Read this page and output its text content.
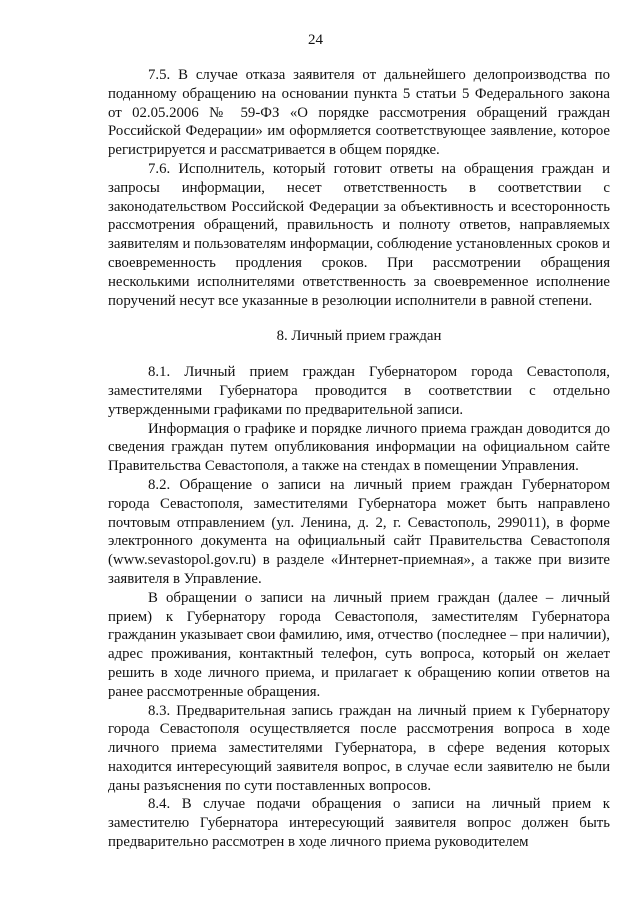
24

7.5. В случае отказа заявителя от дальнейшего делопроизводства по поданному обращению на основании пункта 5 статьи 5 Федерального закона от 02.05.2006 № 59-ФЗ «О порядке рассмотрения обращений граждан Российской Федерации» им оформляется соответствующее заявление, которое регистрируется и рассматривается в общем порядке.

7.6. Исполнитель, который готовит ответы на обращения граждан и запросы информации, несет ответственность в соответствии с законодательством Российской Федерации за объективность и всесторонность рассмотрения обращений, правильность и полноту ответов, направляемых заявителям и пользователям информации, соблюдение установленных сроков и своевременность продления сроков. При рассмотрении обращения несколькими исполнителями ответственность за своевременное исполнение поручений несут все указанные в резолюции исполнители в равной степени.

8. Личный прием граждан

8.1. Личный прием граждан Губернатором города Севастополя, заместителями Губернатора проводится в соответствии с отдельно утвержденными графиками по предварительной записи.

Информация о графике и порядке личного приема граждан доводится до сведения граждан путем опубликования информации на официальном сайте Правительства Севастополя, а также на стендах в помещении Управления.

8.2. Обращение о записи на личный прием граждан Губернатором города Севастополя, заместителями Губернатора может быть направлено почтовым отправлением (ул. Ленина, д. 2, г. Севастополь, 299011), в форме электронного документа на официальный сайт Правительства Севастополя (www.sevastopol.gov.ru) в разделе «Интернет-приемная», а также при визите заявителя в Управление.

В обращении о записи на личный прием граждан (далее – личный прием) к Губернатору города Севастополя, заместителям Губернатора гражданин указывает свои фамилию, имя, отчество (последнее – при наличии), адрес проживания, контактный телефон, суть вопроса, который он желает решить в ходе личного приема, и прилагает к обращению копии ответов на ранее рассмотренные обращения.

8.3. Предварительная запись граждан на личный прием к Губернатору города Севастополя осуществляется после рассмотрения вопроса в ходе личного приема заместителями Губернатора, в сфере ведения которых находится интересующий заявителя вопрос, в случае если заявителю не были даны разъяснения по сути поставленных вопросов.

8.4. В случае подачи обращения о записи на личный прием к заместителю Губернатора интересующий заявителя вопрос должен быть предварительно рассмотрен в ходе личного приема руководителем
